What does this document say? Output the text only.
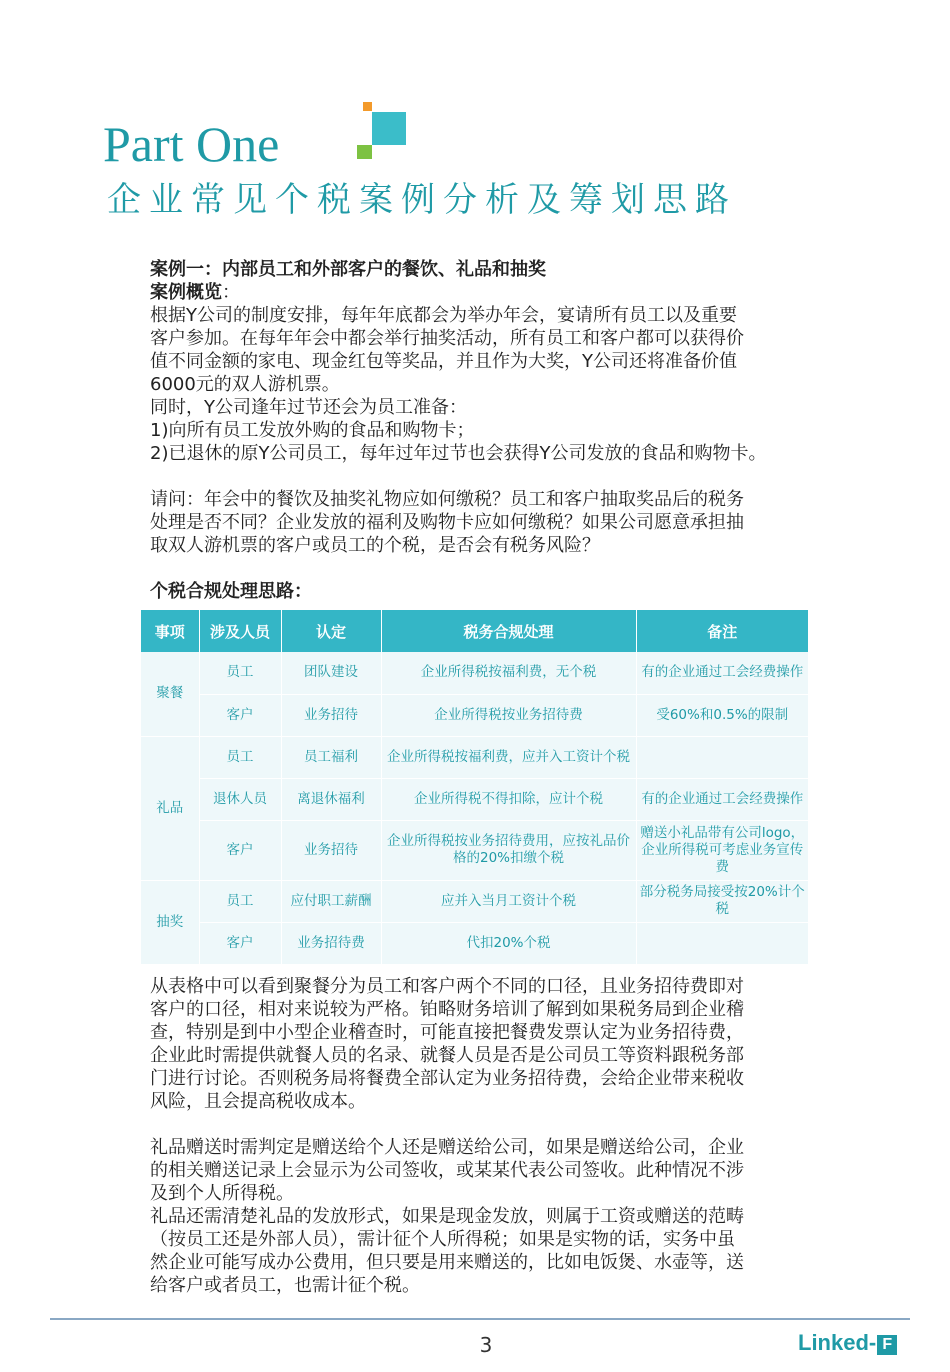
Part One
企业常见个税案例分析及筹划思路

案例一：内部员工和外部客户的餐饮、礼品和抽奖

案例概览：

根据Y公司的制度安排，每年年底都会为举办年会，宴请所有员工以及重要

客户参加。在每年年会中都会举行抽奖活动，所有员工和客户都可以获得价

值不同金额的家电、现金红包等奖品，并且作为大奖，Y公司还将准备价值

6000元的双人游机票。

同时，Y公司逢年过节还会为员工准备：

1)向所有员工发放外购的食品和购物卡；

2)已退休的原Y公司员工，每年过年过节也会获得Y公司发放的食品和购物卡。

请问：年会中的餐饮及抽奖礼物应如何缴税？员工和客户抽取奖品后的税务

处理是否不同？企业发放的福利及购物卡应如何缴税？如果公司愿意承担抽

取双人游机票的客户或员工的个税，是否会有税务风险？

个税合规处理思路：

事项	涉及人员	认定	税务合规处理	备注
聚餐	员工	团队建设	企业所得税按福利费，无个税	有的企业通过工会经费操作
	客户	业务招待	企业所得税按业务招待费	受60%和0.5%的限制
礼品	员工	员工福利	企业所得税按福利费，应并入工资计个税	
	退休人员	离退休福利	企业所得税不得扣除，应计个税	有的企业通过工会经费操作
	客户	业务招待	企业所得税按业务招待费用，应按礼品价格的20%扣缴个税	赠送小礼品带有公司logo，企业所得税可考虑业务宣传费
抽奖	员工	应付职工薪酬	应并入当月工资计个税	部分税务局接受按20%计个税
	客户	业务招待费	代扣20%个税	

从表格中可以看到聚餐分为员工和客户两个不同的口径，且业务招待费即对

客户的口径，相对来说较为严格。铂略财务培训了解到如果税务局到企业稽

查，特别是到中小型企业稽查时，可能直接把餐费发票认定为业务招待费，

企业此时需提供就餐人员的名录、就餐人员是否是公司员工等资料跟税务部

门进行讨论。否则税务局将餐费全部认定为业务招待费，会给企业带来税收

风险，且会提高税收成本。

礼品赠送时需判定是赠送给个人还是赠送给公司，如果是赠送给公司，企业

的相关赠送记录上会显示为公司签收，或某某代表公司签收。此种情况不涉

及到个人所得税。

礼品还需清楚礼品的发放形式，如果是现金发放，则属于工资或赠送的范畴

（按员工还是外部人员），需计征个人所得税；如果是实物的话，实务中虽

然企业可能写成办公费用，但只要是用来赠送的，比如电饭煲、水壶等，送

给客户或者员工，也需计征个税。

3	Linked- F
